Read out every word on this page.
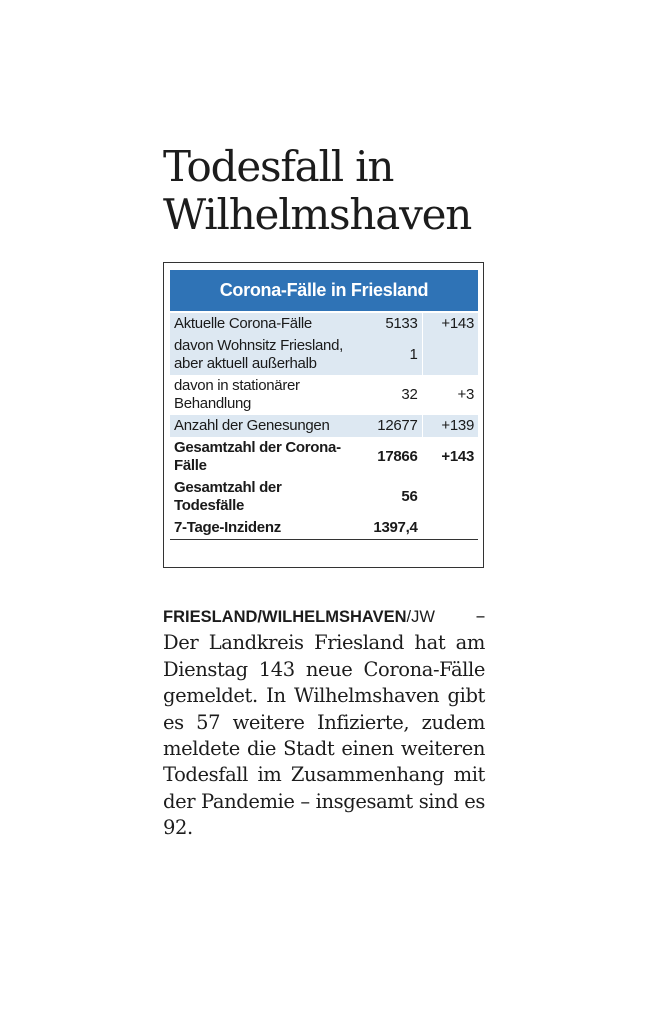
Todesfall in Wilhelmshaven
Corona-Fälle in Friesland
Aktuelle Corona-Fälle	5133	+143
davon Wohnsitz Friesland, aber aktuell außerhalb	1	
davon in stationärer Behandlung	32	+3
Anzahl der Genesungen	12677	+139
Gesamtzahl der Corona-Fälle	17866	+143
Gesamtzahl der Todesfälle	56	
7-Tage-Inzidenz	1397,4	

FRIESLAND/WILHELMSHAVEN/JW – Der Landkreis Friesland hat am Dienstag 143 neue Corona-Fälle gemeldet. In Wilhelmshaven gibt es 57 weitere Infizierte, zudem meldete die Stadt einen weiteren Todesfall im Zusammenhang mit der Pandemie – insgesamt sind es 92.
